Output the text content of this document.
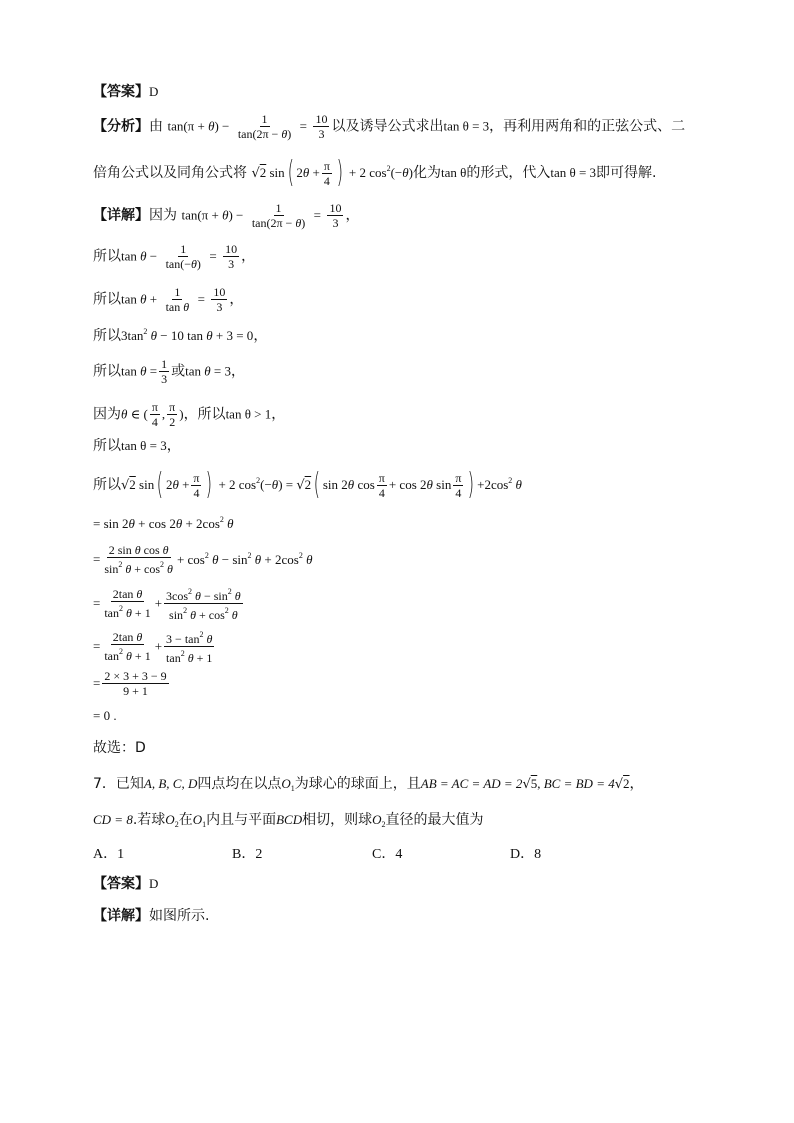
【答案】D
【分析】由 $\tan(\pi + \theta) - \frac{1}{\tan(2\pi - \theta)} = \frac{10}{3}$ 以及诱导公式求出tan θ = 3，再利用两角和的正弦公式、二
倍角公式以及同角公式将 √2 sin( $2\theta + \frac{\pi}{4}$ ) + 2 $\cos^2(-\theta)$化为tan θ的形式，代入tan θ = 3即可得解.
【详解】因为 $\tan(\pi + \theta) - \frac{1}{\tan(2\pi - \theta)} = \frac{10}{3}$ ，
所以$\tan \theta - \frac{1}{\tan(-\theta)} = \frac{10}{3}$ ，
所以$\tan \theta + \frac{1}{\text{tan θ}} = \frac{10}{3}$ ，
所以$3\tan^2$ θ − 10 tan θ + 3 = 0，
所以$\tan \theta = \frac{1}{3}$ 或tan θ = 3，
因为θ ∈ ( $\frac{\pi}{4}$ , $\frac{\pi}{2}$ )，所以tan θ > 1，
所以tan θ = 3，
所以√2 sin( $2\theta + \frac{\pi}{4}$ ) + 2 $\cos^2(-\theta) = √2$( sin 2θ $\cos \frac{\pi}{4} + \cos 2\theta$ $\sin \frac{\pi}{4}$ ) $+2\cos^2$ θ
= $\sin 2\theta + \cos 2\theta + 2\cos^2$ θ
= $\frac{\text{2 sin θ cos θ}}{\sin^2 \theta + \cos^2 \theta} + \cos^2 \theta - \sin^2 \theta + 2\cos^2$ θ
= $\frac{\text{2tan θ}}{\tan^2 \theta + 1} + \frac{3\cos^2 \theta - \sin^2 \theta}{\sin^2 \theta + \cos^2 \theta}$
= $\frac{\text{2tan θ}}{\tan^2 \theta + 1} + \frac{3 - \tan^2 \theta}{\tan^2 \theta + 1}$
= $\frac{2 \times 3 + 3 - 9}{9 + 1}$
= 0 .
故选：D
7．已知A, B, C, D四点均在以点$O_1$为球心的球面上，且AB = AC = AD = 2√5, BC = BD = 4√2，
CD = 8.若球$O_2$在$O_1$内且与平面BCD相切，则球$O_2$直径的最大值为
A．1	B．2	C．4	D．8
【答案】D
【详解】如图所示.
